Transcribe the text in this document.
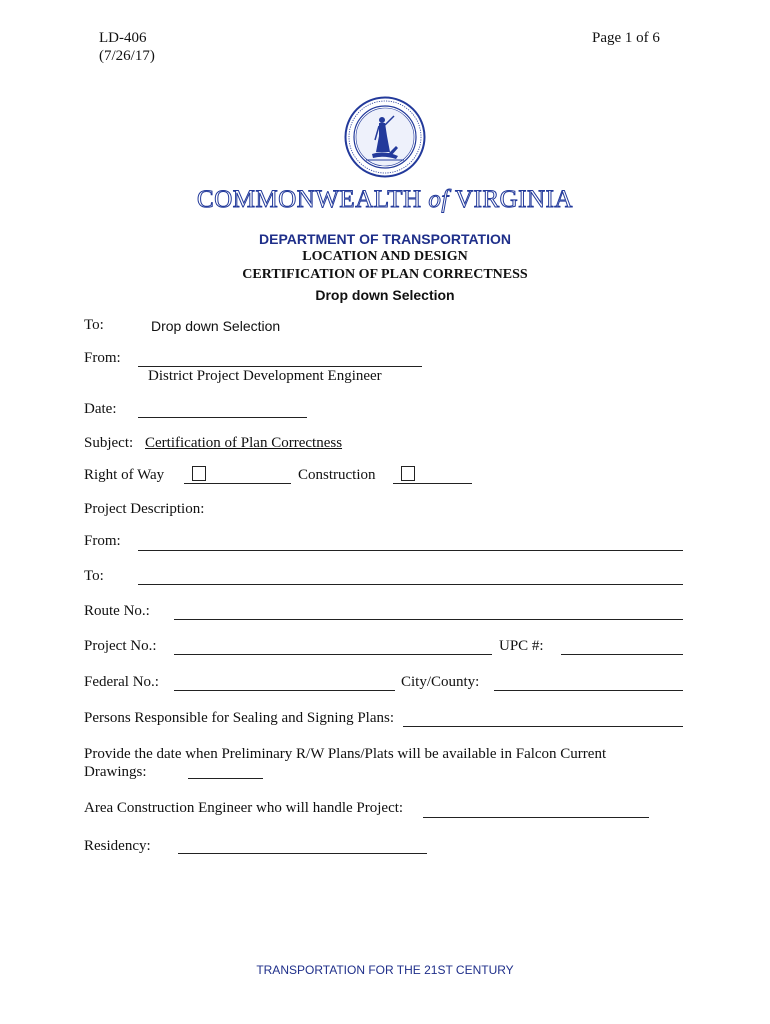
LD-406
(7/26/17)
Page 1 of 6
COMMONWEALTH of VIRGINIA
DEPARTMENT OF TRANSPORTATION
LOCATION AND DESIGN
CERTIFICATION OF PLAN CORRECTNESS
Drop down Selection
To:	Drop down Selection
From:
District Project Development Engineer
Date:
Subject: Certification of Plan Correctness
Right of Way	Construction
Project Description:
From:
To:
Route No.:
Project No.:	UPC #:
Federal No.:	City/County:
Persons Responsible for Sealing and Signing Plans:
Provide the date when Preliminary R/W Plans/Plats will be available in Falcon Current
Drawings:
Area Construction Engineer who will handle Project:
Residency:
TRANSPORTATION FOR THE 21ST CENTURY
